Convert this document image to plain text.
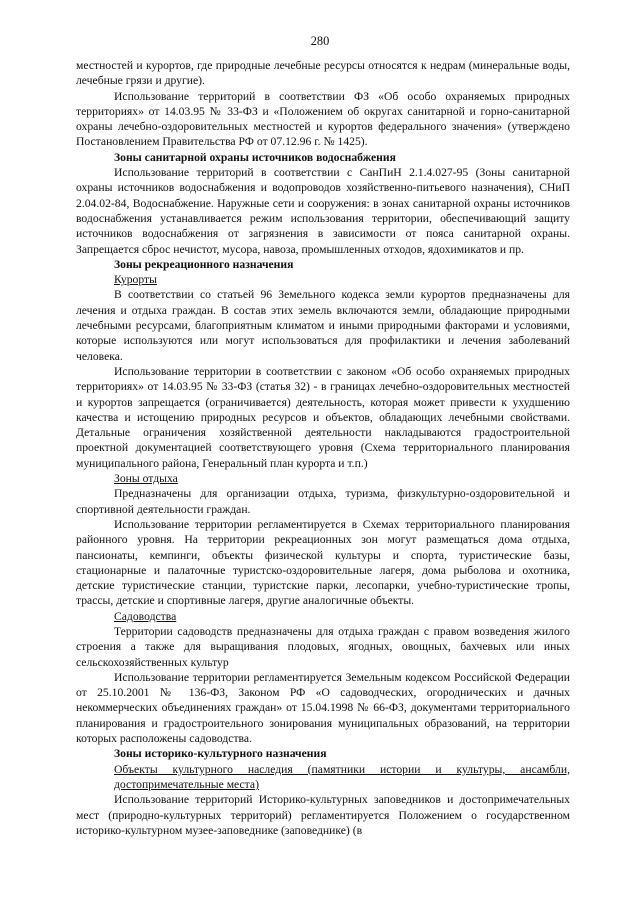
280

местностей и курортов, где природные лечебные ресурсы относятся к недрам (минеральные воды, лечебные грязи и другие).

Использование территорий в соответствии ФЗ «Об особо охраняемых природных территориях» от 14.03.95 № 33-ФЗ и «Положением об округах санитарной и горно-санитарной охраны лечебно-оздоровительных местностей и курортов федерального значения» (утверждено Постановлением Правительства РФ от 07.12.96 г. № 1425).

Зоны санитарной охраны источников водоснабжения

Использование территорий в соответствии с СанПиН 2.1.4.027-95 (Зоны санитарной охраны источников водоснабжения и водопроводов хозяйственно-питьевого назначения), СНиП 2.04.02-84, Водоснабжение. Наружные сети и сооружения: в зонах санитарной охраны источников водоснабжения устанавливается режим использования территории, обеспечивающий защиту источников водоснабжения от загрязнения в зависимости от пояса санитарной охраны. Запрещается сброс нечистот, мусора, навоза, промышленных отходов, ядохимикатов и пр.

Зоны рекреационного назначения

Курорты

В соответствии со статьей 96 Земельного кодекса земли курортов предназначены для лечения и отдыха граждан. В состав этих земель включаются земли, обладающие природными лечебными ресурсами, благоприятным климатом и иными природными факторами и условиями, которые используются или могут использоваться для профилактики и лечения заболеваний человека.

Использование территории в соответствии с законом «Об особо охраняемых природных территориях» от 14.03.95 № 33-ФЗ (статья 32) - в границах лечебно-оздоровительных местностей и курортов запрещается (ограничивается) деятельность, которая может привести к ухудшению качества и истощению природных ресурсов и объектов, обладающих лечебными свойствами. Детальные ограничения хозяйственной деятельности накладываются градостроительной проектной документацией соответствующего уровня (Схема территориального планирования муниципального района, Генеральный план курорта и т.п.)

Зоны отдыха

Предназначены для организации отдыха, туризма, физкультурно-оздоровительной и спортивной деятельности граждан.

Использование территории регламентируется в Схемах территориального планирования районного уровня. На территории рекреационных зон могут размещаться дома отдыха, пансионаты, кемпинги, объекты физической культуры и спорта, туристические базы, стационарные и палаточные туристско-оздоровительные лагеря, дома рыболова и охотника, детские туристические станции, туристские парки, лесопарки, учебно-туристические тропы, трассы, детские и спортивные лагеря, другие аналогичные объекты.

Садоводства

Территории садоводств предназначены для отдыха граждан с правом возведения жилого строения а также для выращивания плодовых, ягодных, овощных, бахчевых или иных сельскохозяйственных культур

Использование территории регламентируется Земельным кодексом Российской Федерации от 25.10.2001 № 136-ФЗ, Законом РФ «О садоводческих, огороднических и дачных некоммерческих объединениях граждан» от 15.04.1998 № 66-ФЗ, документами территориального планирования и градостроительного зонирования муниципальных образований, на территории которых расположены садоводства.

Зоны историко-культурного назначения

Объекты культурного наследия (памятники истории и культуры, ансамбли, достопримечательные места)

Использование территорий Историко-культурных заповедников и достопримечательных мест (природно-культурных территорий) регламентируется Положением о государственном историко-культурном музее-заповеднике (заповеднике) (в
